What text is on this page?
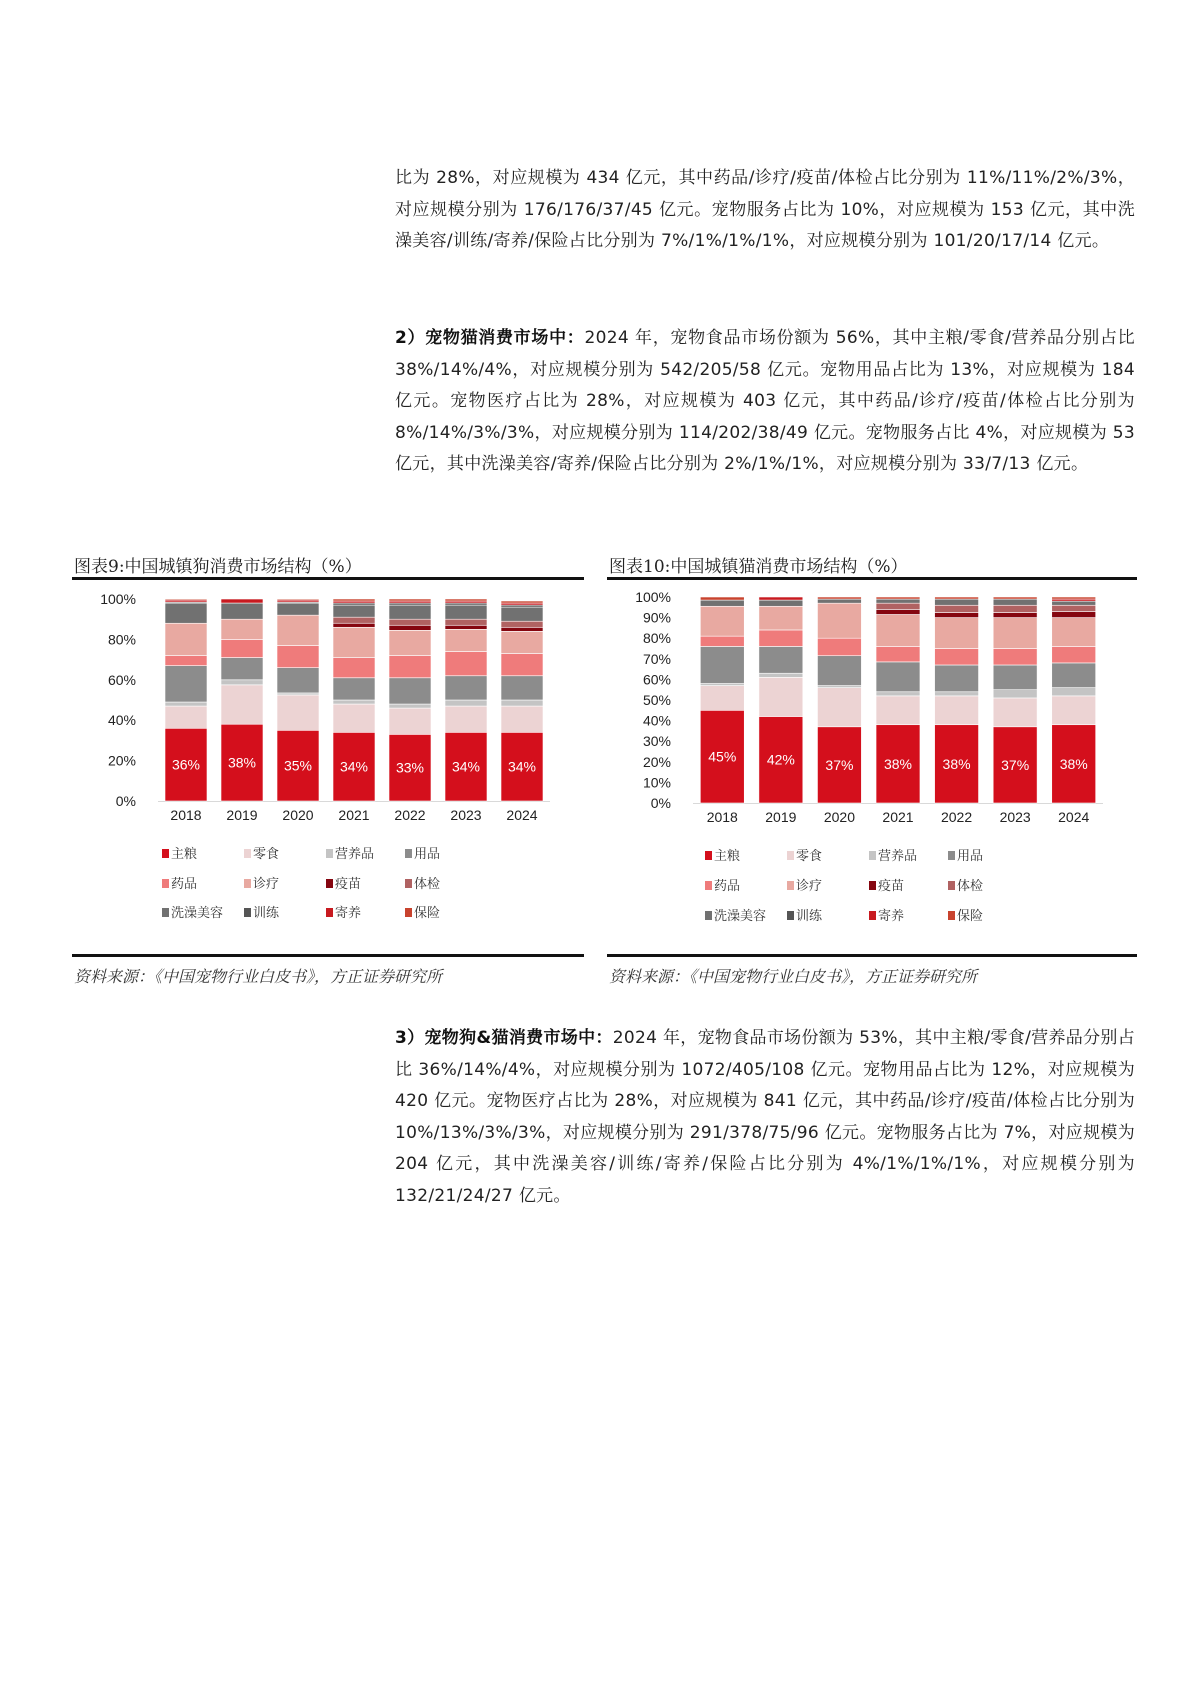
比为 28%，对应规模为 434 亿元，其中药品/诊疗/疫苗/体检占比分别为 11%/11%/2%/3%，对应规模分别为 176/176/37/45 亿元。宠物服务占比为 10%，对应规模为 153 亿元，其中洗澡美容/训练/寄养/保险占比分别为 7%/1%/1%/1%，对应规模分别为 101/20/17/14 亿元。
2）宠物猫消费市场中：2024 年，宠物食品市场份额为 56%，其中主粮/零食/营养品分别占比 38%/14%/4%，对应规模分别为 542/205/58 亿元。宠物用品占比为 13%，对应规模为 184 亿元。宠物医疗占比为 28%，对应规模为 403 亿元，其中药品/诊疗/疫苗/体检占比分别为 8%/14%/3%/3%，对应规模分别为 114/202/38/49 亿元。宠物服务占比 4%，对应规模为 53 亿元，其中洗澡美容/寄养/保险占比分别为 2%/1%/1%，对应规模分别为 33/7/13 亿元。
图表9:中国城镇狗消费市场结构（%）
0%
20%
40%
60%
80%
100%
36%
2018
38%
2019
35%
2020
34%
2021
33%
2022
34%
2023
34%
2024
主粮	零食	营养品	用品
药品	诊疗	疫苗	体检
洗澡美容 训练	寄养	保险
资料来源：《中国宠物行业白皮书》，方正证券研究所
图表10:中国城镇猫消费市场结构（%）
0%
10%
20%
30%
40%
50%
60%
70%
80%
90%
100%
45%
2018
42%
2019
37%
2020
38%
2021
38%
2022
37%
2023
38%
2024
主粮	零食	营养品	用品
药品	诊疗	疫苗	体检
洗澡美容 训练	寄养	保险
资料来源：《中国宠物行业白皮书》，方正证券研究所
3）宠物狗&猫消费市场中：2024 年，宠物食品市场份额为 53%，其中主粮/零食/营养品分别占比 36%/14%/4%，对应规模分别为 1072/405/108 亿元。宠物用品占比为 12%，对应规模为 420 亿元。宠物医疗占比为 28%，对应规模为 841 亿元，其中药品/诊疗/疫苗/体检占比分别为 10%/13%/3%/3%，对应规模分别为 291/378/75/96 亿元。宠物服务占比为 7%，对应规模为 204 亿元，其中洗澡美容/训练/寄养/保险占比分别为 4%/1%/1%/1%，对应规模分别为 132/21/24/27 亿元。
